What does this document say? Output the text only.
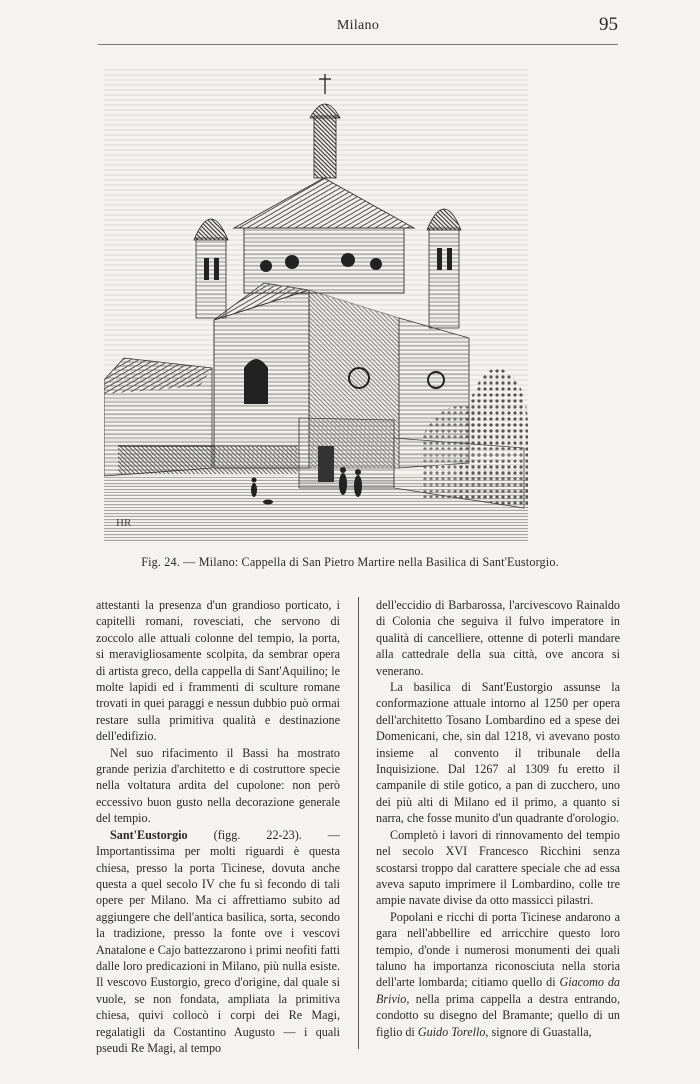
Milano	95
HR
Fig. 24. — Milano: Cappella di San Pietro Martire nella Basilica di Sant'Eustorgio.

attestanti la presenza d'un grandioso porticato, i capitelli romani, rovesciati, che servono di zoccolo alle attuali colonne del tempio, la porta, si meravigliosamente scolpita, da sembrar opera di artista greco, della cappella di Sant'Aquilino; le molte lapidi ed i frammenti di sculture romane trovati in quei paraggi e nessun dubbio può ormai restare sulla primitiva qualità e destinazione dell'edifizio.

Nel suo rifacimento il Bassi ha mostrato grande perizia d'architetto e di costruttore specie nella voltatura ardita del cupolone: non però eccessivo buon gusto nella decorazione generale del tempio.

Sant'Eustorgio (figg. 22-23). — Importantissima per molti riguardi è questa chiesa, presso la porta Ticinese, dovuta anche questa a quel secolo IV che fu sì fecondo di tali opere per Milano. Ma ci affrettiamo subito ad aggiungere che dell'antica basilica, sorta, secondo la tradizione, presso la fonte ove i vescovi Anatalone e Cajo battezzarono i primi neofiti fatti dalle loro predicazioni in Milano, più nulla esiste. Il vescovo Eustorgio, greco d'origine, dal quale si vuole, se non fondata, ampliata la primitiva chiesa, quivi collocò i corpi dei Re Magi, regalatigli da Costantino Augusto — i quali pseudi Re Magi, al tempo

dell'eccidio di Barbarossa, l'arcivescovo Rainaldo di Colonia che seguiva il fulvo imperatore in qualità di cancelliere, ottenne di poterli mandare alla cattedrale della sua città, ove ancora si venerano.

La basilica di Sant'Eustorgio assunse la conformazione attuale intorno al 1250 per opera dell'architetto Tosano Lombardino ed a spese dei Domenicani, che, sin dal 1218, vi avevano posto insieme al convento il tribunale della Inquisizione. Dal 1267 al 1309 fu eretto il campanile di stile gotico, a pan di zucchero, uno dei più alti di Milano ed il primo, a quanto si narra, che fosse munito d'un quadrante d'orologio.

Completò i lavori di rinnovamento del tempio nel secolo XVI Francesco Ricchini senza scostarsi troppo dal carattere speciale che ad essa aveva saputo imprimere il Lombardino, colle tre ampie navate divise da otto massicci pilastri.

Popolani e ricchi di porta Ticinese andarono a gara nell'abbellire ed arricchire questo loro tempio, d'onde i numerosi monumenti dei quali taluno ha importanza riconosciuta nella storia dell'arte lombarda; citiamo quello di Giacomo da Brivio, nella prima cappella a destra entrando, condotto su disegno del Bramante; quello di un figlio di Guido Torello, signore di Guastalla,
